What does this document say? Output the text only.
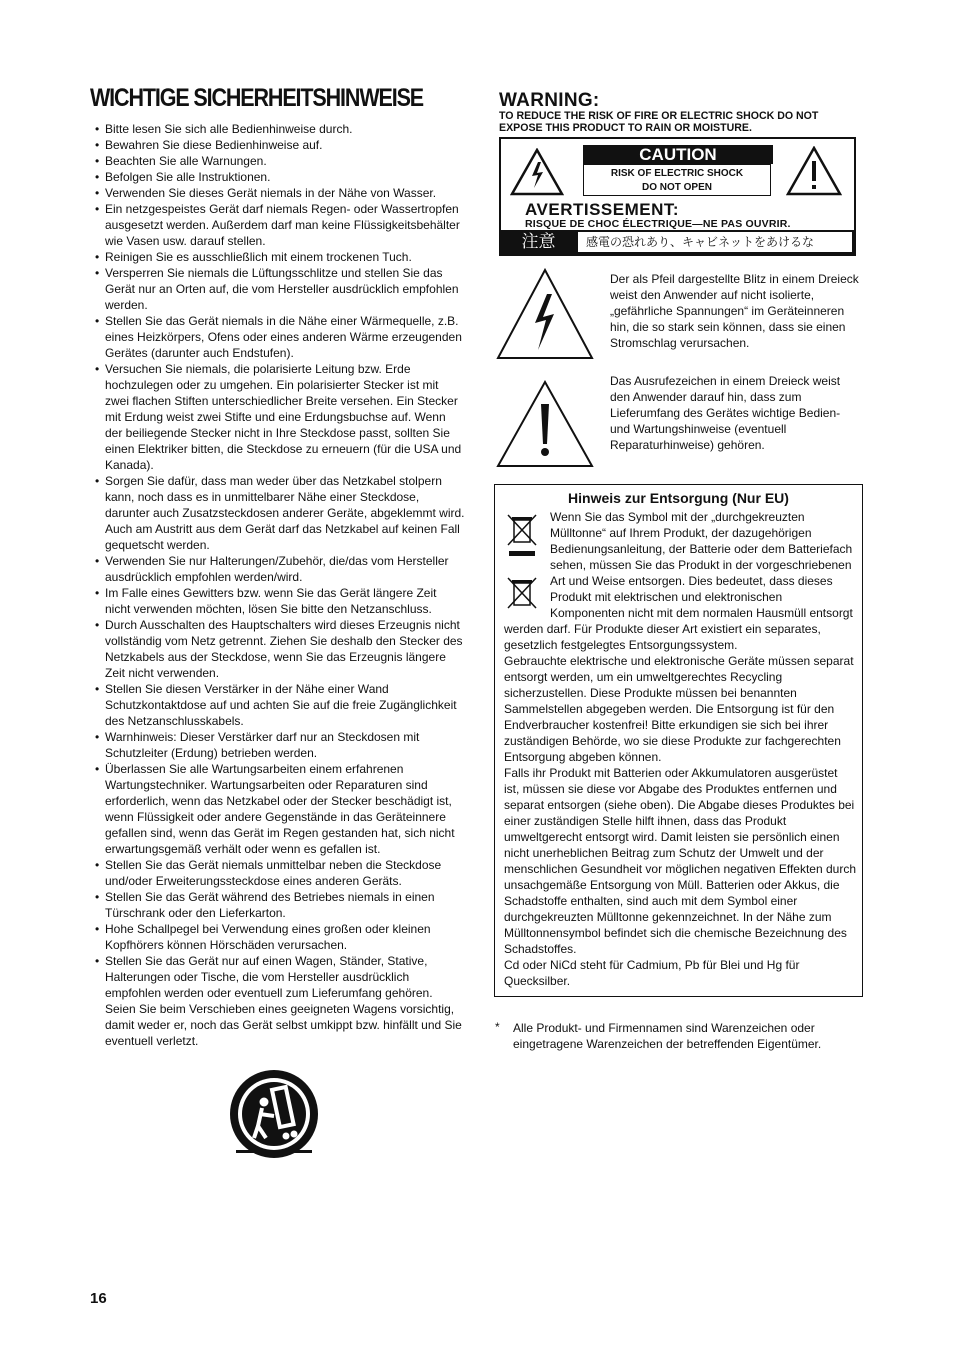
WICHTIGE SICHERHEITSHINWEISE
• Bitte lesen Sie sich alle Bedienhinweise durch.
• Bewahren Sie diese Bedienhinweise auf.
• Beachten Sie alle Warnungen.
• Befolgen Sie alle Instruktionen.
• Verwenden Sie dieses Gerät niemals in der Nähe von Wasser.
• Ein netzgespeistes Gerät darf niemals Regen- oder Wassertropfen ausgesetzt werden. Außerdem darf man keine Flüssigkeitsbehälter wie Vasen usw. darauf stellen.
• Reinigen Sie es ausschließlich mit einem trockenen Tuch.
• Versperren Sie niemals die Lüftungsschlitze und stellen Sie das Gerät nur an Orten auf, die vom Hersteller ausdrücklich empfohlen werden.
• Stellen Sie das Gerät niemals in die Nähe einer Wärmequelle, z.B. eines Heizkörpers, Ofens oder eines anderen Wärme erzeugenden Gerätes (darunter auch Endstufen).
• Versuchen Sie niemals, die polarisierte Leitung bzw. Erde hochzulegen oder zu umgehen. Ein polarisierter Stecker ist mit zwei flachen Stiften unterschiedlicher Breite versehen. Ein Stecker mit Erdung weist zwei Stifte und eine Erdungsbuchse auf. Wenn der beiliegende Stecker nicht in Ihre Steckdose passt, sollten Sie einen Elektriker bitten, die Steckdose zu erneuern (für die USA und Kanada).
• Sorgen Sie dafür, dass man weder über das Netzkabel stolpern kann, noch dass es in unmittelbarer Nähe einer Steckdose, darunter auch Zusatzsteckdosen anderer Geräte, abgeklemmt wird. Auch am Austritt aus dem Gerät darf das Netzkabel auf keinen Fall gequetscht werden.
• Verwenden Sie nur Halterungen/Zubehör, die/das vom Hersteller ausdrücklich empfohlen werden/wird.
• Im Falle eines Gewitters bzw. wenn Sie das Gerät längere Zeit nicht verwenden möchten, lösen Sie bitte den Netzanschluss.
• Durch Ausschalten des Hauptschalters wird dieses Erzeugnis nicht vollständig vom Netz getrennt. Ziehen Sie deshalb den Stecker des Netzkabels aus der Steckdose, wenn Sie das Erzeugnis längere Zeit nicht verwenden.
• Stellen Sie diesen Verstärker in der Nähe einer Wand Schutzkontaktdose auf und achten Sie auf die freie Zugänglichkeit des Netzanschlusskabels.
• Warnhinweis: Dieser Verstärker darf nur an Steckdosen mit Schutzleiter (Erdung) betrieben werden.
• Überlassen Sie alle Wartungsarbeiten einem erfahrenen Wartungstechniker. Wartungsarbeiten oder Reparaturen sind erforderlich, wenn das Netzkabel oder der Stecker beschädigt ist, wenn Flüssigkeit oder andere Gegenstände in das Geräteinnere gefallen sind, wenn das Gerät im Regen gestanden hat, sich nicht erwartungsgemäß verhält oder wenn es gefallen ist.
• Stellen Sie das Gerät niemals unmittelbar neben die Steckdose und/oder Erweiterungssteckdose eines anderen Geräts.
• Stellen Sie das Gerät während des Betriebes niemals in einen Türschrank oder den Lieferkarton.
• Hohe Schallpegel bei Verwendung eines großen oder kleinen Kopfhörers können Hörschäden verursachen.
• Stellen Sie das Gerät nur auf einen Wagen, Ständer, Stative, Halterungen oder Tische, die vom Hersteller ausdrücklich empfohlen werden oder eventuell zum Lieferumfang gehören. Seien Sie beim Verschieben eines geeigneten Wagens vorsichtig, damit weder er, noch das Gerät selbst umkippt bzw. hinfällt und Sie eventuell verletzt.
WARNING:
TO REDUCE THE RISK OF FIRE OR ELECTRIC SHOCK DO NOT EXPOSE THIS PRODUCT TO RAIN OR MOISTURE.
CAUTION
RISK OF ELECTRIC SHOCK
DO NOT OPEN
AVERTISSEMENT:
RISQUE DE CHOC ÉLECTRIQUE—NE PAS OUVRIR.
注意	感電の恐れあり、キャビネットをあけるな
Der als Pfeil dargestellte Blitz in einem Dreieck weist den Anwender auf nicht isolierte, „gefährliche Spannungen“ im Geräteinneren hin, die so stark sein können, dass sie einen Stromschlag verursachen.
Das Ausrufezeichen in einem Dreieck weist den Anwender darauf hin, dass zum Lieferumfang des Gerätes wichtige Bedien- und Wartungshinweise (eventuell Reparaturhinweise) gehören.
Hinweis zur Entsorgung (Nur EU)

Wenn Sie das Symbol mit der „durchgekreuzten Mülltonne“ auf Ihrem Produkt, der dazugehörigen Bedienungsanleitung, der Batterie oder dem Batteriefach sehen, müssen Sie das Produkt in der vorgeschriebenen Art und Weise entsorgen. Dies bedeutet, dass dieses Produkt mit elektrischen und elektronischen Komponenten nicht mit dem normalen Hausmüll entsorgt werden darf. Für Produkte dieser Art existiert ein separates, gesetzlich festgelegtes Entsorgungssystem.

Gebrauchte elektrische und elektronische Geräte müssen separat entsorgt werden, um ein umweltgerechtes Recycling sicherzustellen. Diese Produkte müssen bei benannten Sammelstellen abgegeben werden. Die Entsorgung ist für den Endverbraucher kostenfrei! Bitte erkundigen sie sich bei ihrer zuständigen Behörde, wo sie diese Produkte zur fachgerechten Entsorgung abgeben können.

Falls ihr Produkt mit Batterien oder Akkumulatoren ausgerüstet ist, müssen sie diese vor Abgabe des Produktes entfernen und separat entsorgen (siehe oben). Die Abgabe dieses Produktes bei einer zuständigen Stelle hilft ihnen, dass das Produkt umweltgerecht entsorgt wird. Damit leisten sie persönlich einen nicht unerheblichen Beitrag zum Schutz der Umwelt und der menschlichen Gesundheit vor möglichen negativen Effekten durch unsachgemäße Entsorgung von Müll. Batterien oder Akkus, die Schadstoffe enthalten, sind auch mit dem Symbol einer durchgekreuzten Mülltonne gekennzeichnet. In der Nähe zum Mülltonnensymbol befindet sich die chemische Bezeichnung des Schadstoffes.

Cd oder NiCd steht für Cadmium, Pb für Blei und Hg für Quecksilber.

* Alle Produkt- und Firmennamen sind Warenzeichen oder eingetragene Warenzeichen der betreffenden Eigentümer.
16
